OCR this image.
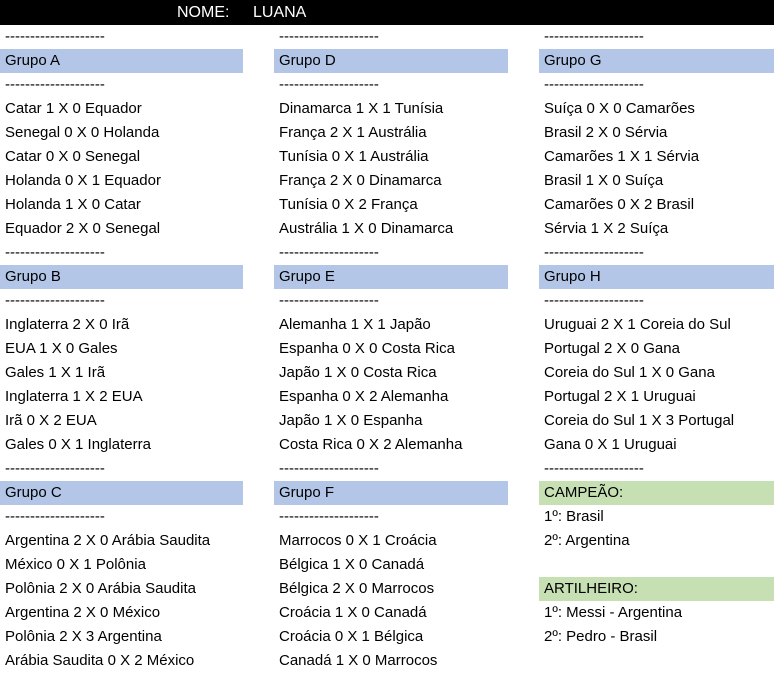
NOME: LUANA
--------------------
Grupo A
--------------------
Catar 1 X 0 Equador
Senegal 0 X 0 Holanda
Catar 0 X 0 Senegal
Holanda 0 X 1 Equador
Holanda 1 X 0 Catar
Equador 2 X 0 Senegal
--------------------
Grupo B
--------------------
Inglaterra 2 X 0 Irã
EUA 1 X 0 Gales
Gales 1 X 1 Irã
Inglaterra 1 X 2 EUA
Irã 0 X 2 EUA
Gales 0 X 1 Inglaterra
--------------------
Grupo C
--------------------
Argentina 2 X 0 Arábia Saudita
México 0 X 1 Polônia
Polônia 2 X 0 Arábia Saudita
Argentina 2 X 0 México
Polônia 2 X 3 Argentina
Arábia Saudita 0 X 2 México
--------------------
Grupo D
--------------------
Dinamarca 1 X 1 Tunísia
França 2 X 1 Austrália
Tunísia 0 X 1 Austrália
França 2 X 0 Dinamarca
Tunísia 0 X 2 França
Austrália 1 X 0 Dinamarca
--------------------
Grupo E
--------------------
Alemanha 1 X 1 Japão
Espanha 0 X 0 Costa Rica
Japão 1 X 0 Costa Rica
Espanha 0 X 2 Alemanha
Japão 1 X 0 Espanha
Costa Rica 0 X 2 Alemanha
--------------------
Grupo F
--------------------
Marrocos 0 X 1 Croácia
Bélgica 1 X 0 Canadá
Bélgica 2 X 0 Marrocos
Croácia 1 X 0 Canadá
Croácia 0 X 1 Bélgica
Canadá 1 X 0 Marrocos
--------------------
Grupo G
--------------------
Suíça 0 X 0 Camarões
Brasil 2 X 0 Sérvia
Camarões 1 X 1 Sérvia
Brasil 1 X 0 Suíça
Camarões 0 X 2 Brasil
Sérvia 1 X 2 Suíça
--------------------
Grupo H
--------------------
Uruguai 2 X 1 Coreia do Sul
Portugal 2 X 0 Gana
Coreia do Sul 1 X 0 Gana
Portugal 2 X 1 Uruguai
Coreia do Sul 1 X 3 Portugal
Gana 0 X 1 Uruguai
--------------------
CAMPEÃO:
1º: Brasil
2º: Argentina
ARTILHEIRO:
1º: Messi - Argentina
2º: Pedro - Brasil
